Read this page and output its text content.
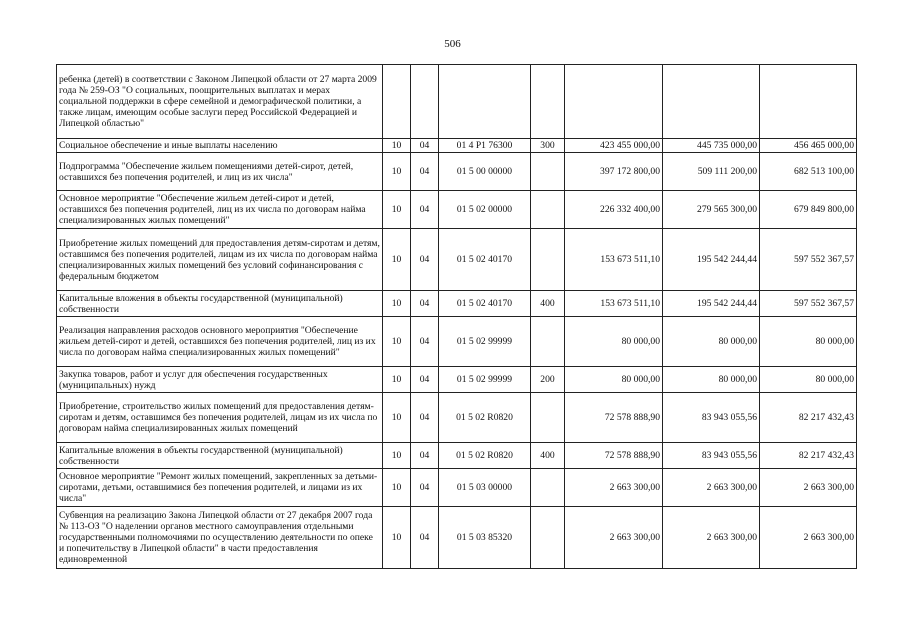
506
ребенка (детей) в соответствии с Законом Липецкой области от 27 марта 2009 года № 259-ОЗ "О социальных, поощрительных выплатах и мерах социальной поддержки в сфере семейной и демографической политики, а также лицам, имеющим особые заслуги перед Российской Федерацией и Липецкой областью"							
Социальное обеспечение и иные выплаты населению	10	04	01 4 P1 76300	300	423 455 000,00	445 735 000,00	456 465 000,00
Подпрограмма "Обеспечение жильем помещениями детей-сирот, детей, оставшихся без попечения родителей, и лиц из их числа"	10	04	01 5 00 00000		397 172 800,00	509 111 200,00	682 513 100,00
Основное мероприятие "Обеспечение жильем детей-сирот и детей, оставшихся без попечения родителей, лиц из их числа по договорам найма специализированных жилых помещений"	10	04	01 5 02 00000		226 332 400,00	279 565 300,00	679 849 800,00
Приобретение жилых помещений для предоставления детям-сиротам и детям, оставшимся без попечения родителей, лицам из их числа по договорам найма специализированных жилых помещений без условий софинансирования с федеральным бюджетом	10	04	01 5 02 40170		153 673 511,10	195 542 244,44	597 552 367,57
Капитальные вложения в объекты государственной (муниципальной) собственности	10	04	01 5 02 40170	400	153 673 511,10	195 542 244,44	597 552 367,57
Реализация направления расходов основного мероприятия "Обеспечение жильем детей-сирот и детей, оставшихся без попечения родителей, лиц из их числа по договорам найма специализированных жилых помещений"	10	04	01 5 02 99999		80 000,00	80 000,00	80 000,00
Закупка товаров, работ и услуг для обеспечения государственных (муниципальных) нужд	10	04	01 5 02 99999	200	80 000,00	80 000,00	80 000,00
Приобретение, строительство жилых помещений для предоставления детям-сиротам и детям, оставшимся без попечения родителей, лицам из их числа по договорам найма специализированных жилых помещений	10	04	01 5 02 R0820		72 578 888,90	83 943 055,56	82 217 432,43
Капитальные вложения в объекты государственной (муниципальной) собственности	10	04	01 5 02 R0820	400	72 578 888,90	83 943 055,56	82 217 432,43
Основное мероприятие "Ремонт жилых помещений, закрепленных за детьми-сиротами, детьми, оставшимися без попечения родителей, и лицами из их числа"	10	04	01 5 03 00000		2 663 300,00	2 663 300,00	2 663 300,00
Субвенция на реализацию Закона Липецкой области от 27 декабря 2007 года № 113-ОЗ "О наделении органов местного самоуправления отдельными государственными полномочиями по осуществлению деятельности по опеке и попечительству в Липецкой области" в части предоставления единовременной	10	04	01 5 03 85320		2 663 300,00	2 663 300,00	2 663 300,00
